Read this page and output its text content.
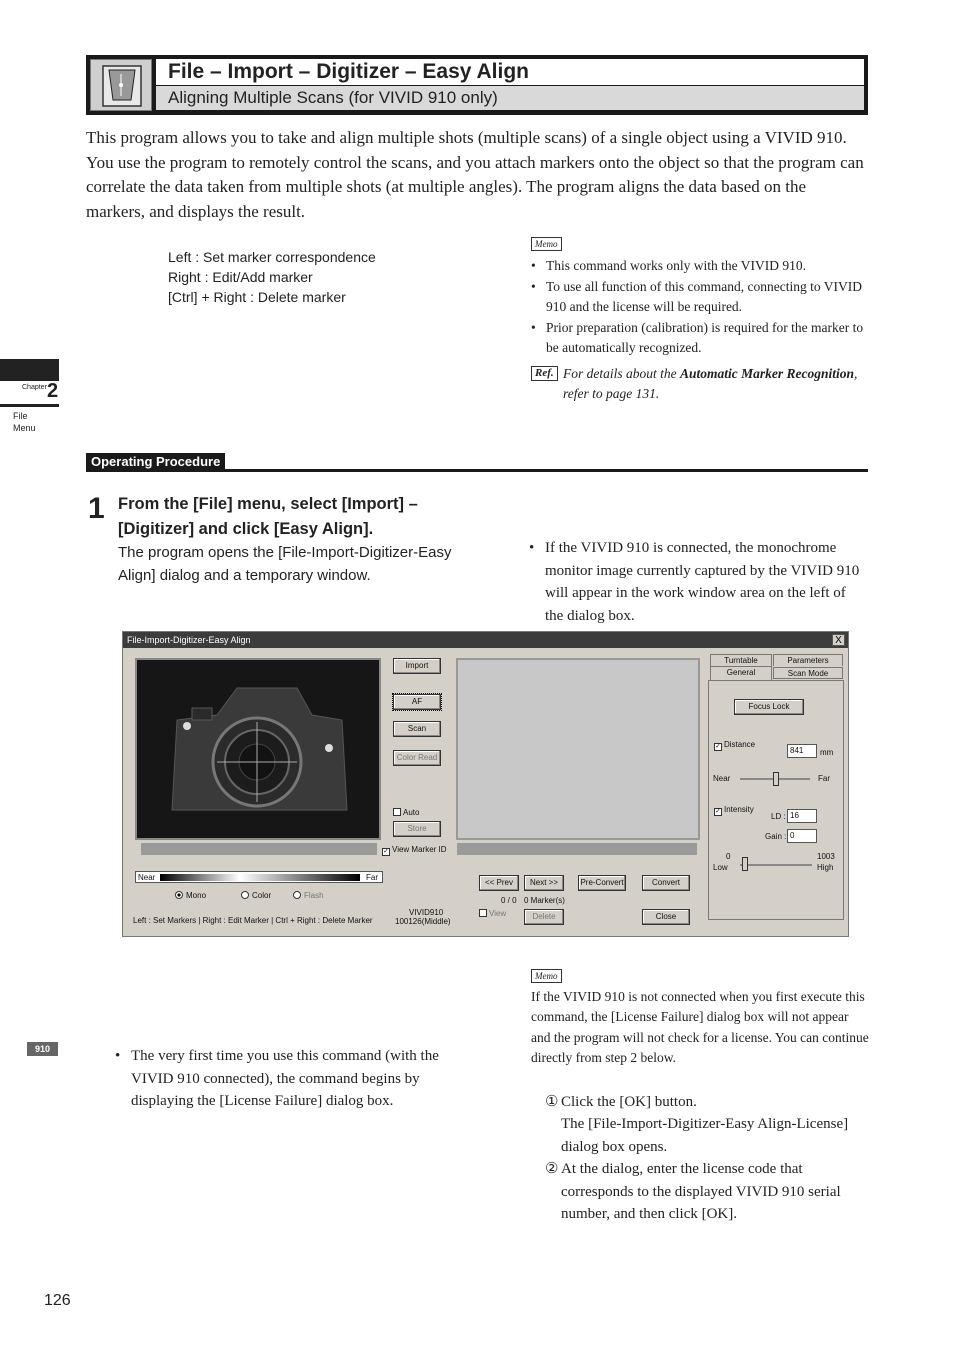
File – Import – Digitizer – Easy Align
Aligning Multiple Scans (for VIVID 910 only)

This program allows you to take and align multiple shots (multiple scans) of a single object using a VIVID 910. You use the program to remotely control the scans, and you attach markers onto the object so that the program can correlate the data taken from multiple shots (at multiple angles). The program aligns the data based on the markers, and displays the result.

Left : Set marker correspondence
Right : Edit/Add marker
[Ctrl] + Right : Delete marker
Memo
• This command works only with the VIVID 910.
• To use all function of this command, connecting to VIVID 910 and the license will be required.
• Prior preparation (calibration) is required for the marker to be automatically recognized.
Ref. For details about the Automatic Marker Recognition, refer to page 131.
Chapter 2
File
Menu
910
Operating Procedure
1 From the [File] menu, select [Import] – [Digitizer] and click [Easy Align].
The program opens the [File-Import-Digitizer-Easy Align] dialog and a temporary window.
• If the VIVID 910 is connected, the monochrome monitor image currently captured by the VIVID 910 will appear in the work window area on the left of the dialog box.
File-Import-Digitizer-Easy Align	X
Import
AF
Scan
Color Read
Auto
Store
✓ View Marker ID
Near	Far
Mono	Color	Flash
Left : Set Markers | Right : Edit Marker | Ctrl + Right : Delete Marker
VIVID910
100126(Middle)
<< Prev	Next >>	Pre-Convert	Convert
0 / 0 0 Marker(s)
View	Delete	Close
Turntable	Parameters
General	Scan Mode
Focus Lock
✓ Distance
841	mm
Near	Far
✓ Intensity
LD : 16
Gain : 0
0	1003
Low	High
• The very first time you use this command (with the VIVID 910 connected), the command begins by displaying the [License Failure] dialog box.
Memo
If the VIVID 910 is not connected when you first execute this command, the [License Failure] dialog box will not appear and the program will not check for a license. You can continue directly from step 2 below.

① Click the [OK] button.
The [File-Import-Digitizer-Easy Align-License] dialog box opens.

② At the dialog, enter the license code that corresponds to the displayed VIVID 910 serial number, and then click [OK].
126
